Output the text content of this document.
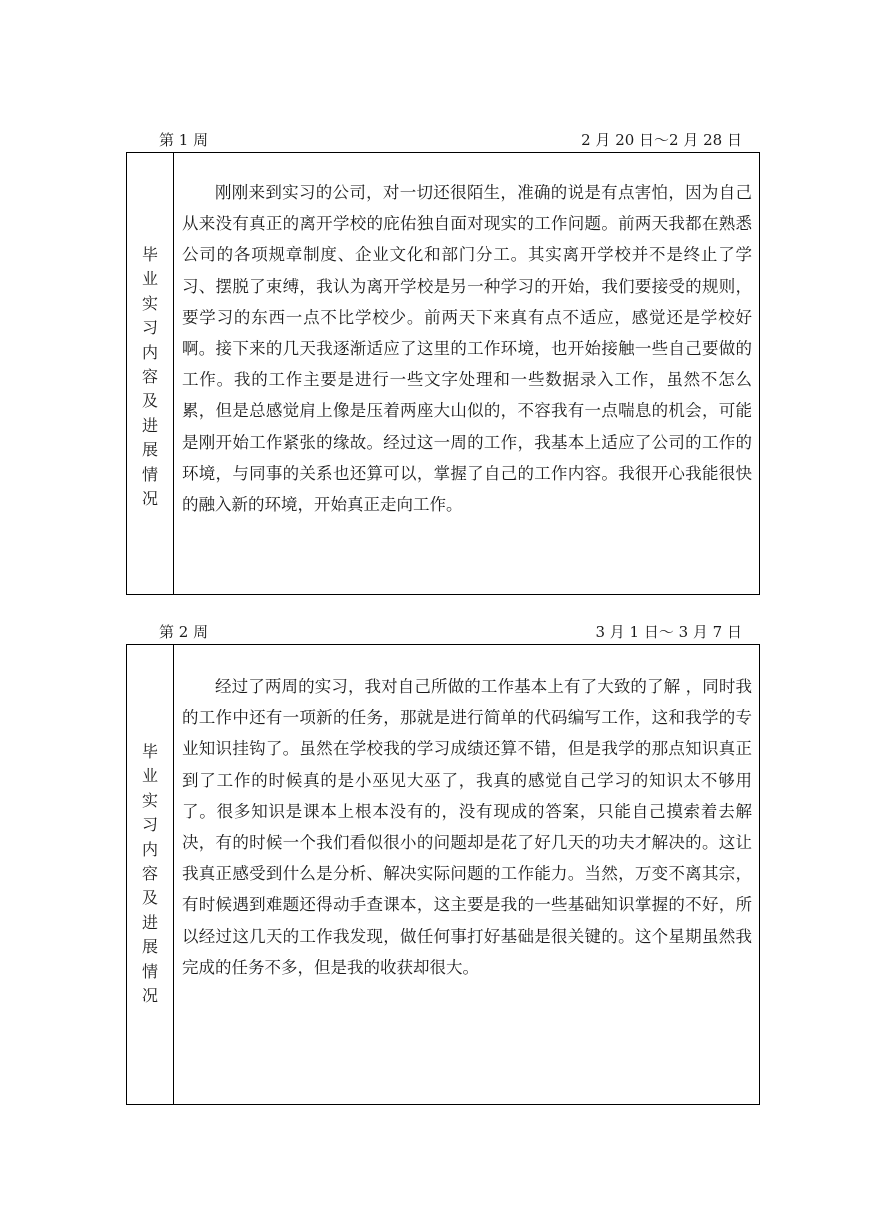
第 1 周	2 月 20 日～2 月 28 日
毕业实习内容及进展情况

刚刚来到实习的公司，对一切还很陌生，准确的说是有点害怕，因为自己从来没有真正的离开学校的庇佑独自面对现实的工作问题。前两天我都在熟悉公司的各项规章制度、企业文化和部门分工。其实离开学校并不是终止了学习、摆脱了束缚，我认为离开学校是另一种学习的开始，我们要接受的规则，要学习的东西一点不比学校少。前两天下来真有点不适应，感觉还是学校好啊。接下来的几天我逐渐适应了这里的工作环境，也开始接触一些自己要做的工作。我的工作主要是进行一些文字处理和一些数据录入工作，虽然不怎么累，但是总感觉肩上像是压着两座大山似的，不容我有一点喘息的机会，可能是刚开始工作紧张的缘故。经过这一周的工作，我基本上适应了公司的工作的环境，与同事的关系也还算可以，掌握了自己的工作内容。我很开心我能很快的融入新的环境，开始真正走向工作。

第 2 周	3 月 1 日～ 3 月 7 日
毕业实习内容及进展情况

经过了两周的实习，我对自己所做的工作基本上有了大致的了解 ，同时我的工作中还有一项新的任务，那就是进行简单的代码编写工作，这和我学的专业知识挂钩了。虽然在学校我的学习成绩还算不错，但是我学的那点知识真正到了工作的时候真的是小巫见大巫了，我真的感觉自己学习的知识太不够用了。很多知识是课本上根本没有的，没有现成的答案，只能自己摸索着去解决，有的时候一个我们看似很小的问题却是花了好几天的功夫才解决的。这让我真正感受到什么是分析、解决实际问题的工作能力。当然，万变不离其宗，有时候遇到难题还得动手查课本，这主要是我的一些基础知识掌握的不好，所以经过这几天的工作我发现，做任何事打好基础是很关键的。这个星期虽然我完成的任务不多，但是我的收获却很大。
